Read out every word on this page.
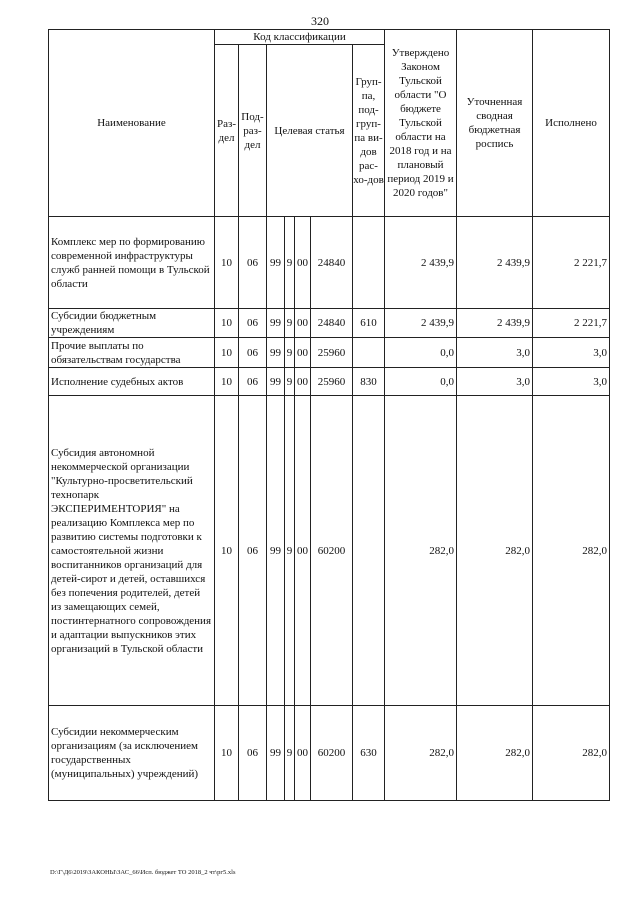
320
Наименование	Код классификации							Утверждено Законом Тульской области "О бюджете Тульской области на 2018 год и на плановый период 2019 и 2020 годов"	Уточненная сводная бюджетная роспись	Исполнено
	Раз-дел	Под-раз-дел	Целевая статья				Груп-па, под-груп-па ви-дов рас-хо-дов			
Комплекс мер по формированию современной инфраструктуры служб ранней помощи в Тульской области	10	06	99	9	00	24840		2 439,9	2 439,9	2 221,7
Субсидии бюджетным учреждениям	10	06	99	9	00	24840	610	2 439,9	2 439,9	2 221,7
Прочие выплаты по обязательствам государства	10	06	99	9	00	25960		0,0	3,0	3,0
Исполнение судебных актов	10	06	99	9	00	25960	830	0,0	3,0	3,0
Субсидия автономной некоммерческой организации "Культурно-просветительский технопарк ЭКСПЕРИМЕНТОРИЯ" на реализацию Комплекса мер по развитию системы подготовки к самостоятельной жизни воспитанников организаций для детей-сирот и детей, оставшихся без попечения родителей, детей из замещающих семей, постинтернатного сопровождения и адаптации выпускников этих организаций в Тульской области	10	06	99	9	00	60200		282,0	282,0	282,0
Субсидии некоммерческим организациям (за исключением государственных (муниципальных) учреждений)	10	06	99	9	00	60200	630	282,0	282,0	282,0
D:\Г\Д6\2019\ЗАКОНЫ\ЗАС_66\Исп. бюджет ТО 2018_2 чт\рг5.xls
